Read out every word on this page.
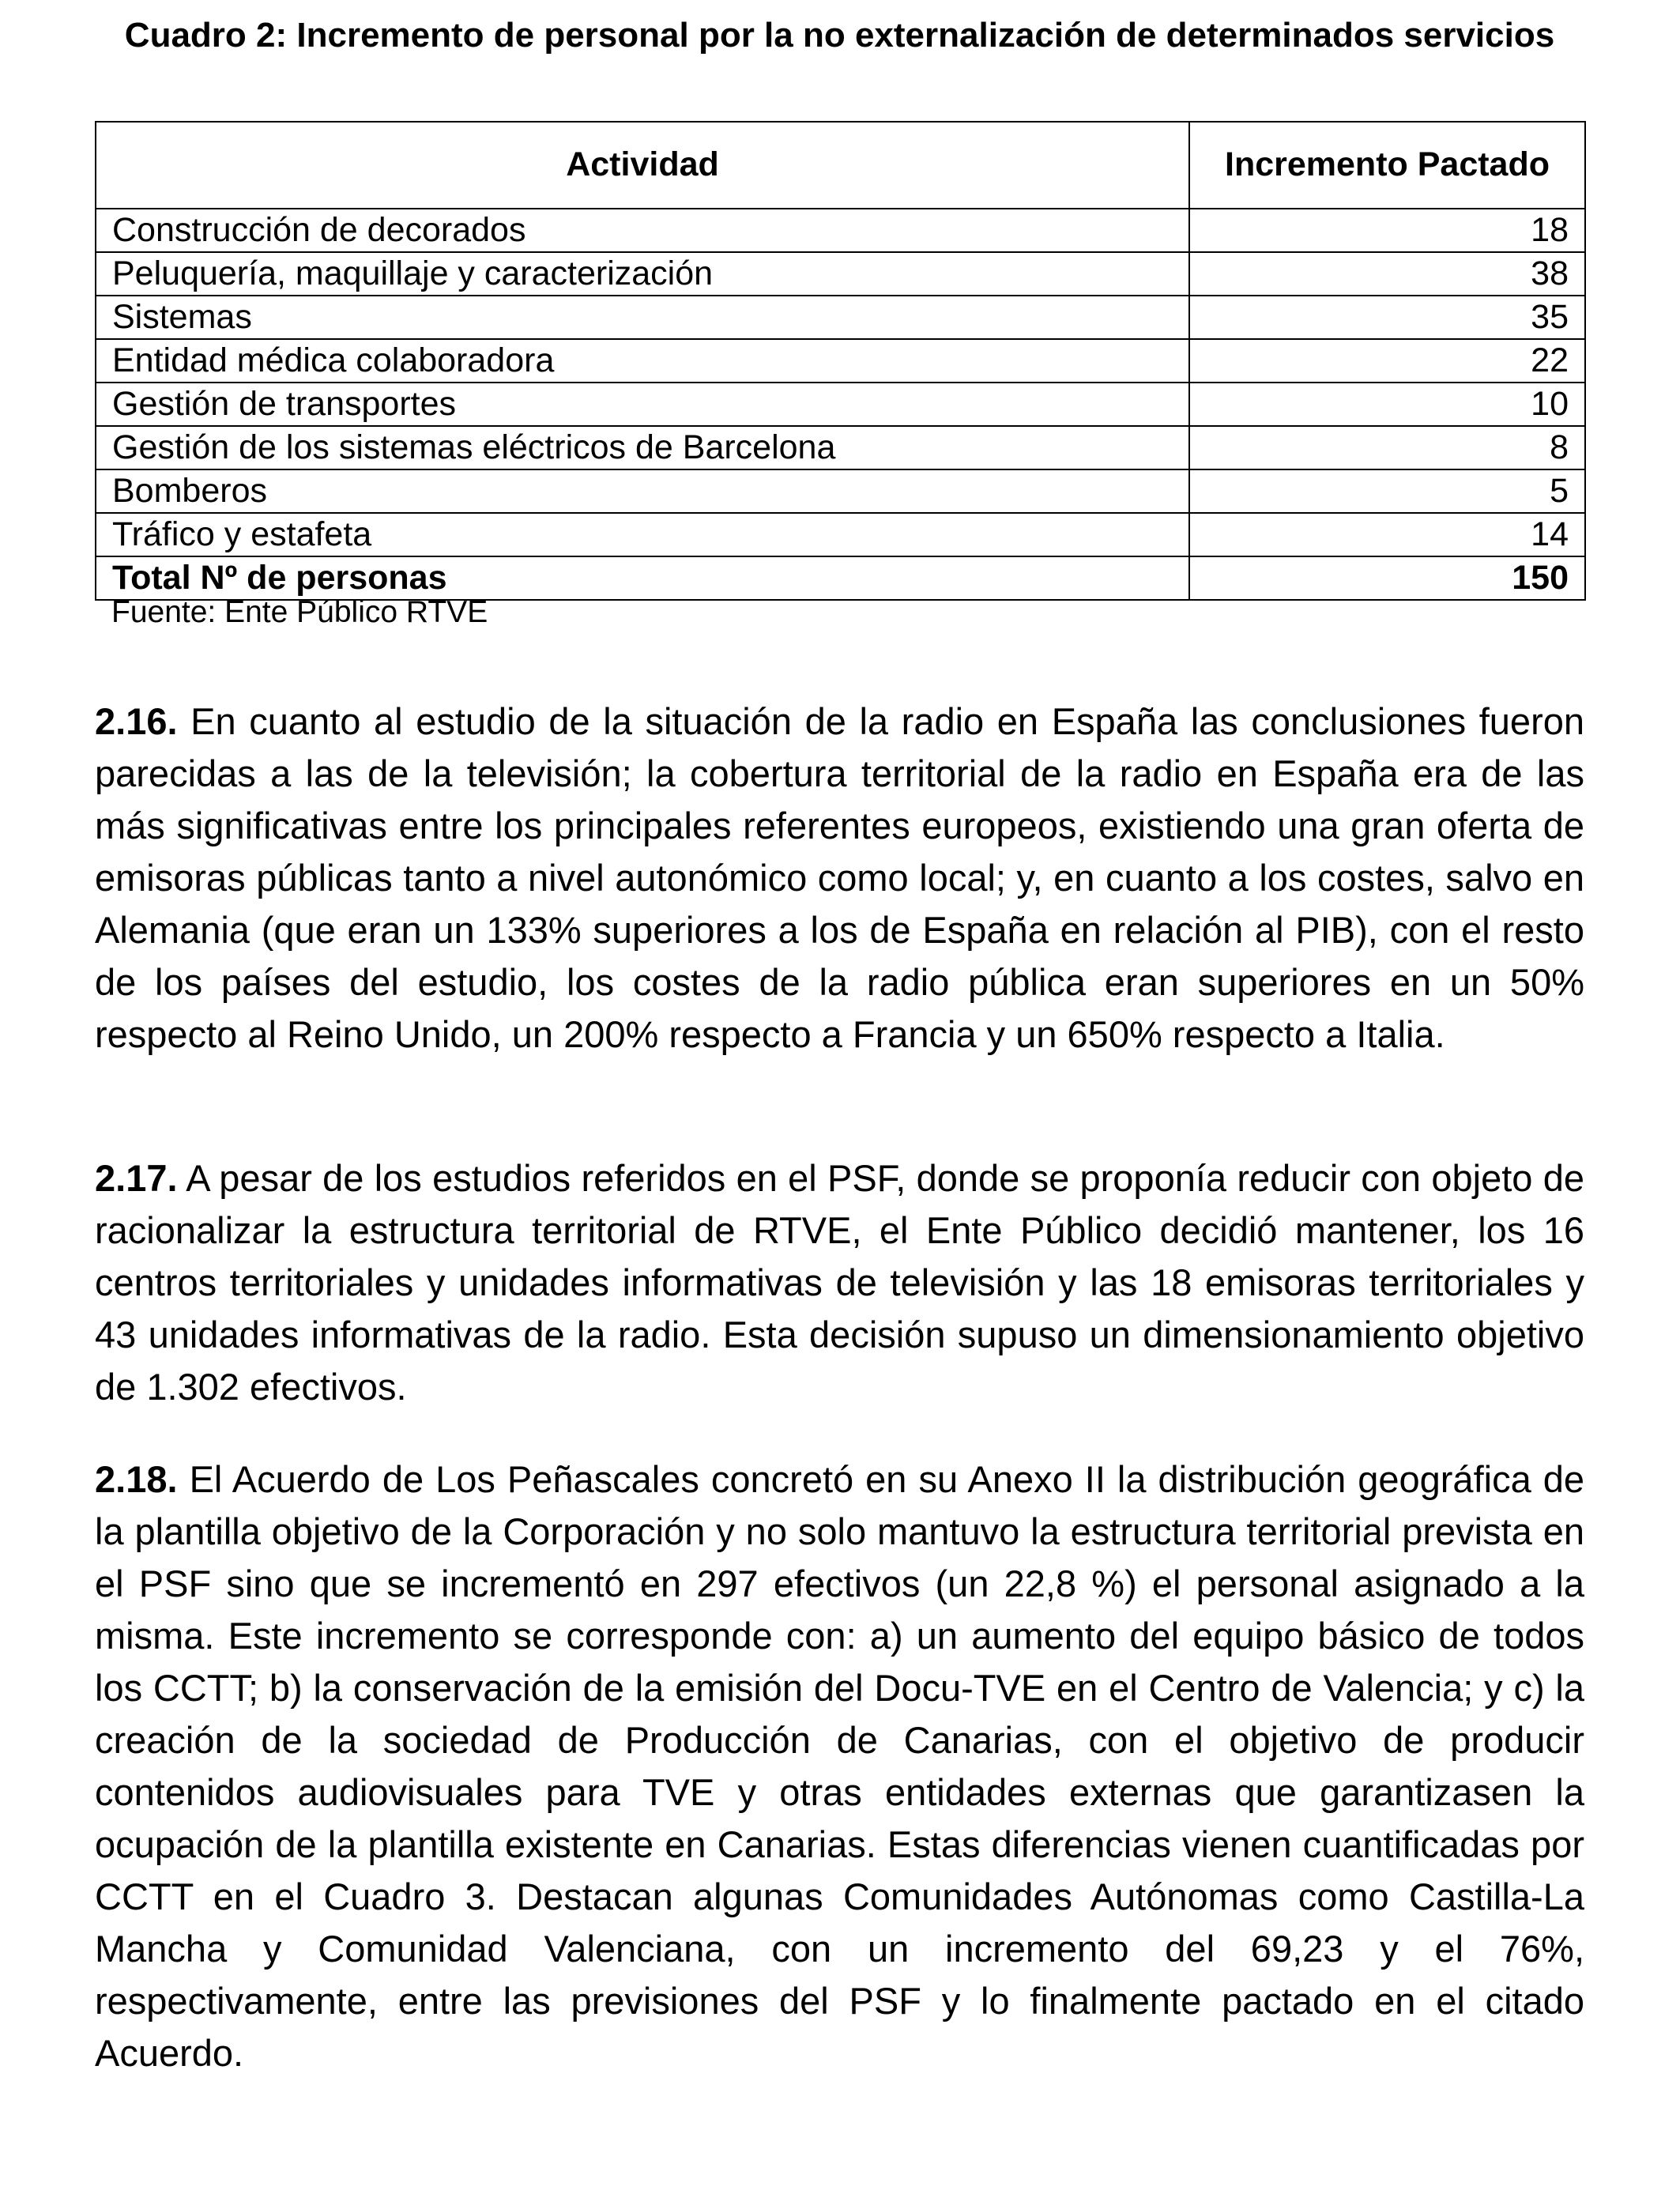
Cuadro 2: Incremento de personal por la no externalización de determinados servicios
Actividad	Incremento Pactado
Construcción de decorados	18
Peluquería, maquillaje y caracterización	38
Sistemas	35
Entidad médica colaboradora	22
Gestión de transportes	10
Gestión de los sistemas eléctricos de Barcelona	8
Bomberos	5
Tráfico y estafeta	14
Total Nº de personas	150
Fuente: Ente Público RTVE

2.16. En cuanto al estudio de la situación de la radio en España las conclusiones fueron parecidas a las de la televisión; la cobertura territorial de la radio en España era de las más significativas entre los principales referentes europeos, existiendo una gran oferta de emisoras públicas tanto a nivel autonómico como local; y, en cuanto a los costes, salvo en Alemania (que eran un 133% superiores a los de España en relación al PIB), con el resto de los países del estudio, los costes de la radio pública eran superiores en un 50% respecto al Reino Unido, un 200% respecto a Francia y un 650% respecto a Italia.

2.17. A pesar de los estudios referidos en el PSF, donde se proponía reducir con objeto de racionalizar la estructura territorial de RTVE, el Ente Público decidió mantener, los 16 centros territoriales y unidades informativas de televisión y las 18 emisoras territoriales y 43 unidades informativas de la radio. Esta decisión supuso un dimensionamiento objetivo de 1.302 efectivos.

2.18. El Acuerdo de Los Peñascales concretó en su Anexo II la distribución geográfica de la plantilla objetivo de la Corporación y no solo mantuvo la estructura territorial prevista en el PSF sino que se incrementó en 297 efectivos (un 22,8 %) el personal asignado a la misma. Este incremento se corresponde con: a) un aumento del equipo básico de todos los CCTT; b) la conservación de la emisión del Docu-TVE en el Centro de Valencia; y c) la creación de la sociedad de Producción de Canarias, con el objetivo de producir contenidos audiovisuales para TVE y otras entidades externas que garantizasen la ocupación de la plantilla existente en Canarias. Estas diferencias vienen cuantificadas por CCTT en el Cuadro 3. Destacan algunas Comunidades Autónomas como Castilla-La Mancha y Comunidad Valenciana, con un incremento del 69,23 y el 76%, respectivamente, entre las previsiones del PSF y lo finalmente pactado en el citado Acuerdo.
